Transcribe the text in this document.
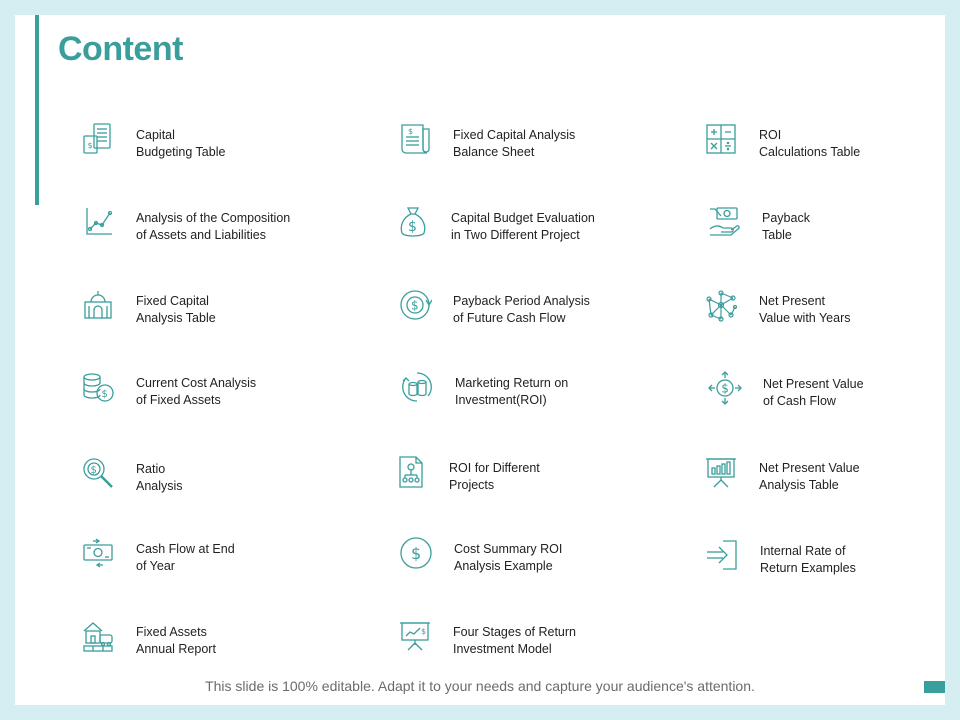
Content
$
Capital
Budgeting Table
Analysis of the Composition
of Assets and Liabilities
Fixed Capital
Analysis Table
$
Current Cost Analysis
of Fixed Assets
$	Ratio
Analysis
Cash Flow at End
of Year
Fixed Assets
Annual Report
$	Fixed Capital Analysis
Balance Sheet
$
Capital Budget Evaluation
in Two Different Project
$	Payback Period Analysis
of Future Cash Flow
Marketing Return on
Investment(ROI)
ROI for Different
Projects
$	Cost Summary ROI
Analysis Example
$ Four Stages of Return
Investment Model
ROI
Calculations Table
Payback
Table
Net Present
Value with Years
$	Net Present Value
of Cash Flow
Net Present Value
Analysis Table
Internal Rate of
Return Examples
This slide is 100% editable. Adapt it to your needs and capture your audience's attention.
